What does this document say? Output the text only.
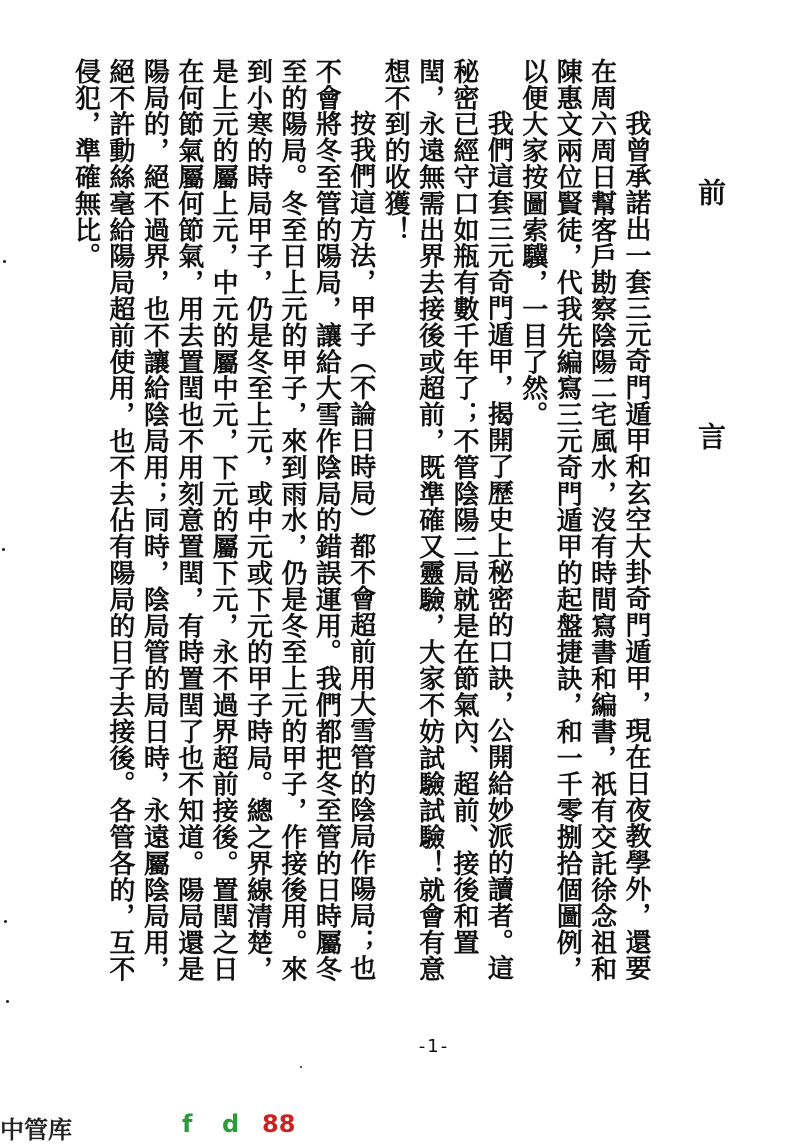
前　言

我曾承諾出一套三元奇門遁甲和玄空大卦奇門遁甲，現在日夜教學外，還要在周六周日幫客戶勘察陰陽二宅風水，沒有時間寫書和編書，祇有交託徐念祖和陳惠文兩位賢徒，代我先編寫三元奇門遁甲的起盤捷訣，和一千零捌拾個圖例，以便大家按圖索驥，一目了然。

我們這套三元奇門遁甲，揭開了歷史上秘密的口訣，公開給妙派的讀者。這秘密已經守口如瓶有數千年了；不管陰陽二局就是在節氣內、超前、接後和置閏，永遠無需出界去接後或超前，既準確又靈驗，大家不妨試驗試驗！就會有意想不到的收獲！

按我們這方法，甲子（不論日時局）都不會超前用大雪管的陰局作陽局；也不會將冬至管的陽局，讓給大雪作陰局的錯誤運用。我們都把冬至管的日時屬冬至的陽局。冬至日上元的甲子，來到雨水，仍是冬至上元的甲子，作接後用。來到小寒的時局甲子，仍是冬至上元，或中元或下元的甲子時局。總之界線清楚，是上元的屬上元，中元的屬中元，下元的屬下元，永不過界超前接後。置閏之日在何節氣屬何節氣，用去置閏也不用刻意置閏，有時置閏了也不知道。陽局還是陽局的，絕不過界，也不讓給陰局用；同時，陰局管的局日時，永遠屬陰局用，絕不許動絲毫給陽局超前使用，也不去佔有陽局的日子去接後。各管各的，互不侵犯，準確無比。

-1-
中管库	f d 88
